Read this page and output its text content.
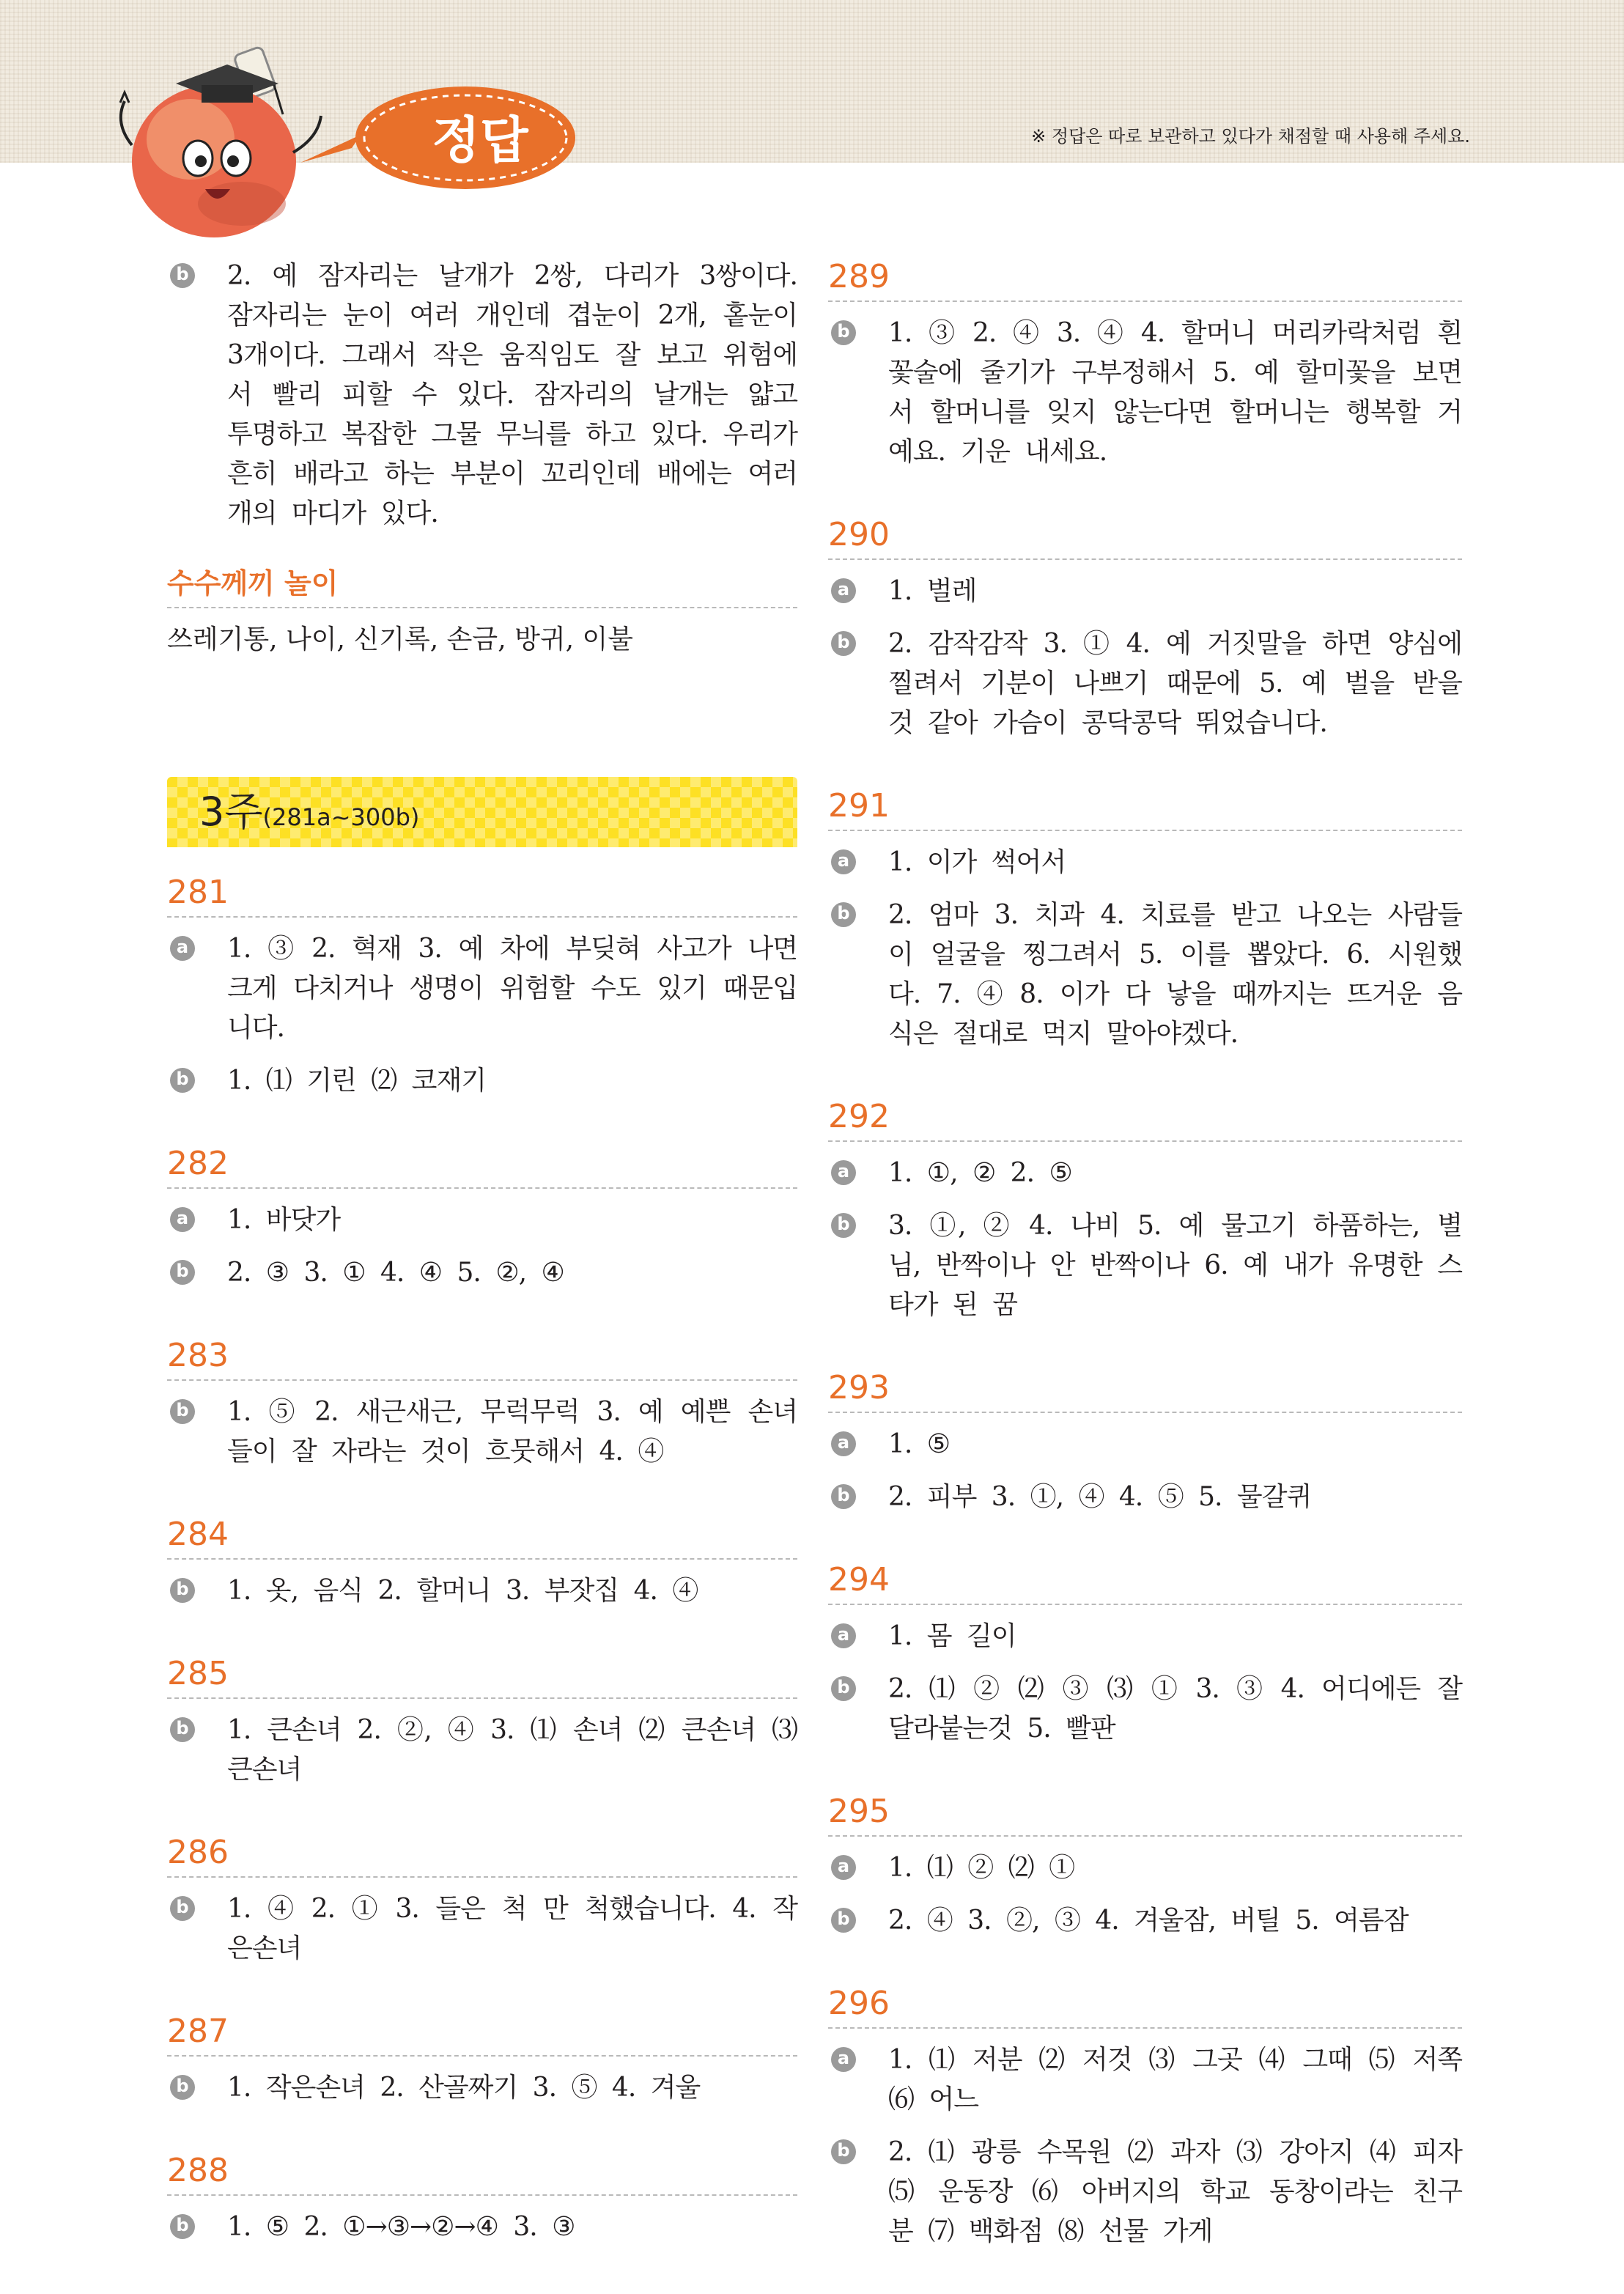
정답	※ 정답은 따로 보관하고 있다가 채점할 때 사용해 주세요.
b 2. 예 잠자리는 날개가 2쌍, 다리가 3쌍이다. 잠자리는 눈이 여러 개인데 겹눈이 2개, 홑눈이 3개이다. 그래서 작은 움직임도 잘 보고 위험에서 빨리 피할 수 있다. 잠자리의 날개는 얇고 투명하고 복잡한 그물 무늬를 하고 있다. 우리가 흔히 배라고 하는 부분이 꼬리인데 배에는 여러 개의 마디가 있다.
수수께끼 놀이
쓰레기통, 나이, 신기록, 손금, 방귀, 이불
3주(281a~300b)
281
a 1. ③ 2. 혁재 3. 예 차에 부딪혀 사고가 나면 크게 다치거나 생명이 위험할 수도 있기 때문입니다.
b 1. ⑴ 기린 ⑵ 코재기
282
a 1. 바닷가
b 2. ③ 3. ① 4. ④ 5. ②, ④
283
b 1. ⑤ 2. 새근새근, 무럭무럭 3. 예 예쁜 손녀들이 잘 자라는 것이 흐뭇해서 4. ④
284
b 1. 옷, 음식 2. 할머니 3. 부잣집 4. ④
285
b 1. 큰손녀 2. ②, ④ 3. ⑴ 손녀 ⑵ 큰손녀 ⑶ 큰손녀
286
b 1. ④ 2. ① 3. 들은 척 만 척했습니다. 4. 작은손녀
287
b 1. 작은손녀 2. 산골짜기 3. ⑤ 4. 겨울
288
b 1. ⑤ 2. ①→③→②→④ 3. ③
289
b 1. ③ 2. ④ 3. ④ 4. 할머니 머리카락처럼 흰 꽃술에 줄기가 구부정해서 5. 예 할미꽃을 보면서 할머니를 잊지 않는다면 할머니는 행복할 거예요. 기운 내세요.
290
a 1. 벌레
b 2. 감작감작 3. ① 4. 예 거짓말을 하면 양심에 찔려서 기분이 나쁘기 때문에 5. 예 벌을 받을 것 같아 가슴이 콩닥콩닥 뛰었습니다.
291
a 1. 이가 썩어서
b 2. 엄마 3. 치과 4. 치료를 받고 나오는 사람들이 얼굴을 찡그려서 5. 이를 뽑았다. 6. 시원했다. 7. ④ 8. 이가 다 낳을 때까지는 뜨거운 음식은 절대로 먹지 말아야겠다.
292
a 1. ①, ② 2. ⑤
b 3. ①, ② 4. 나비 5. 예 물고기 하품하는, 별님, 반짝이나 안 반짝이나 6. 예 내가 유명한 스타가 된 꿈
293
a 1. ⑤
b 2. 피부 3. ①, ④ 4. ⑤ 5. 물갈퀴
294
a 1. 몸 길이
b 2. ⑴ ② ⑵ ③ ⑶ ① 3. ③ 4. 어디에든 잘 달라붙는것 5. 빨판
295
a 1. ⑴ ② ⑵ ①
b 2. ④ 3. ②, ③ 4. 겨울잠, 버틸 5. 여름잠
296
a 1. ⑴ 저분 ⑵ 저것 ⑶ 그곳 ⑷ 그때 ⑸ 저쪽 ⑹ 어느
b 2. ⑴ 광릉 수목원 ⑵ 과자 ⑶ 강아지 ⑷ 피자 ⑸ 운동장 ⑹ 아버지의 학교 동창이라는 친구 분 ⑺ 백화점 ⑻ 선물 가게
